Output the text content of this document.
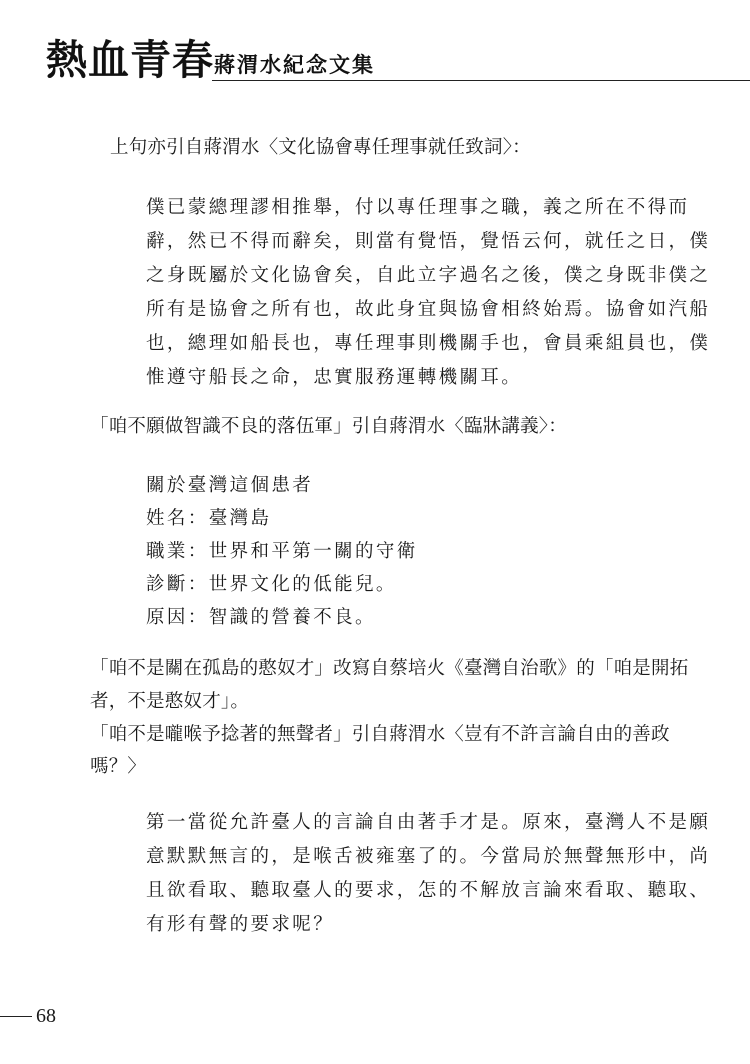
熱血青春 蔣渭水紀念文集
上句亦引自蔣渭水〈文化協會專任理事就任致詞〉：
僕已蒙總理謬相推舉，付以專任理事之職，義之所在不得而
辭，然已不得而辭矣，則當有覺悟，覺悟云何，就任之日，僕
之身既屬於文化協會矣，自此立字過名之後，僕之身既非僕之
所有是協會之所有也，故此身宜與協會相終始焉。協會如汽船
也，總理如船長也，專任理事則機關手也，會員乘組員也，僕
惟遵守船長之命，忠實服務運轉機關耳。
「咱不願做智識不良的落伍軍」引自蔣渭水〈臨牀講義〉：
關於臺灣這個患者
姓名：臺灣島
職業：世界和平第一關的守衛
診斷：世界文化的低能兒。
原因：智識的營養不良。
「咱不是關在孤島的憨奴才」改寫自蔡培火《臺灣自治歌》的「咱是開拓
者，不是憨奴才」。
「咱不是嚨喉予捻著的無聲者」引自蔣渭水〈豈有不許言論自由的善政
嗎？〉
第一當從允許臺人的言論自由著手才是。原來，臺灣人不是願
意默默無言的，是喉舌被雍塞了的。今當局於無聲無形中，尚
且欲看取、聽取臺人的要求，怎的不解放言論來看取、聽取、
有形有聲的要求呢？
68
